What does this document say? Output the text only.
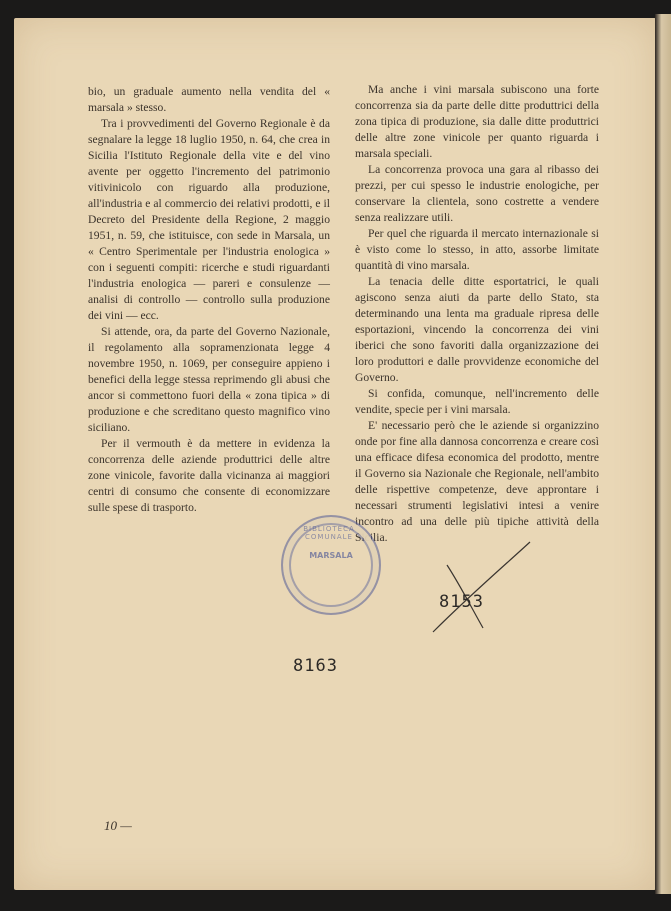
bio, un graduale aumento nella vendita del « marsala » stesso.

Tra i provvedimenti del Governo Regionale è da segnalare la legge 18 luglio 1950, n. 64, che crea in Sicilia l'Istituto Regionale della vite e del vino avente per oggetto l'incremento del patrimonio vitivinicolo con riguardo alla produzione, all'industria e al commercio dei relativi prodotti, e il Decreto del Presidente della Regione, 2 maggio 1951, n. 59, che istituisce, con sede in Marsala, un « Centro Sperimentale per l'industria enologica » con i seguenti compiti: ricerche e studi riguardanti l'industria enologica — pareri e consulenze — analisi di controllo — controllo sulla produzione dei vini — ecc.

Si attende, ora, da parte del Governo Nazionale, il regolamento alla sopramenzionata legge 4 novembre 1950, n. 1069, per conseguire appieno i benefici della legge stessa reprimendo gli abusi che ancor si commettono fuori della « zona tipica » di produzione e che screditano questo magnifico vino siciliano.

Per il vermouth è da mettere in evidenza la concorrenza delle aziende produttrici delle altre zone vinicole, favorite dalla vicinanza ai maggiori centri di consumo che consente di economizzare sulle spese di trasporto.

Ma anche i vini marsala subiscono una forte concorrenza sia da parte delle ditte produttrici della zona tipica di produzione, sia dalle ditte produttrici delle altre zone vinicole per quanto riguarda i marsala speciali.

La concorrenza provoca una gara al ribasso dei prezzi, per cui spesso le industrie enologiche, per conservare la clientela, sono costrette a vendere senza realizzare utili.

Per quel che riguarda il mercato internazionale si è visto come lo stesso, in atto, assorbe limitate quantità di vino marsala.

La tenacia delle ditte esportatrici, le quali agiscono senza aiuti da parte dello Stato, sta determinando una lenta ma graduale ripresa delle esportazioni, vincendo la concorrenza dei vini iberici che sono favoriti dalla organizzazione dei loro produttori e dalle provvidenze economiche del Governo.

Si confida, comunque, nell'incremento delle vendite, specie per i vini marsala.

E' necessario però che le aziende si organizzino onde por fine alla dannosa concorrenza e creare così una efficace difesa economica del prodotto, mentre il Governo sia Nazionale che Regionale, nell'ambito delle rispettive competenze, deve approntare i necessari strumenti legislativi intesi a venire incontro ad una delle più tipiche attività della Sicilia.

BIBLIOTECA COMUNALE
MARSALA
8153
8163
10 —
